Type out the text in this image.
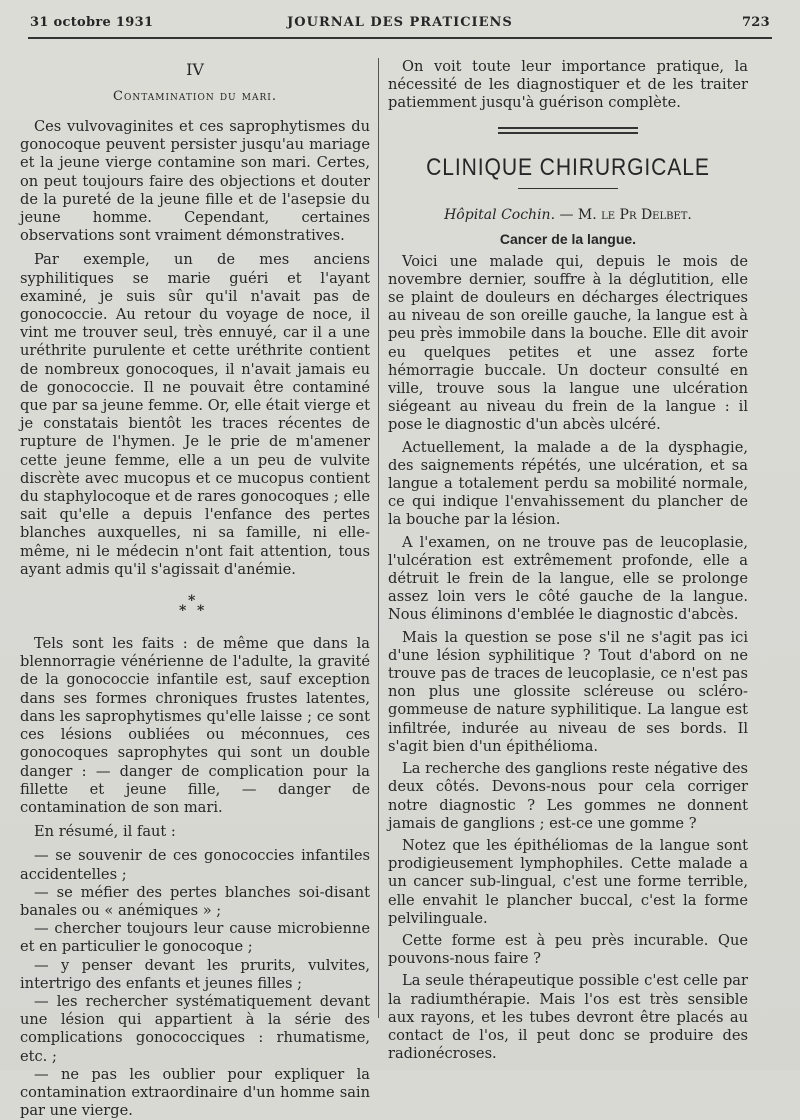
31 octobre 1931	JOURNAL DES PRATICIENS	723
IV
Contamination du mari.

Ces vulvovaginites et ces saprophytismes du gonocoque peuvent persister jusqu'au mariage et la jeune vierge contamine son mari. Certes, on peut toujours faire des objections et douter de la pureté de la jeune fille et de l'asepsie du jeune homme. Cependant, certaines observations sont vraiment démonstratives.

Par exemple, un de mes anciens syphilitiques se marie guéri et l'ayant examiné, je suis sûr qu'il n'avait pas de gonococcie. Au retour du voyage de noce, il vint me trouver seul, très ennuyé, car il a une uréthrite purulente et cette uréthrite contient de nombreux gonocoques, il n'avait jamais eu de gonococcie. Il ne pouvait être contaminé que par sa jeune femme. Or, elle était vierge et je constatais bientôt les traces récentes de rupture de l'hymen. Je le prie de m'amener cette jeune femme, elle a un peu de vulvite discrète avec mucopus et ce mucopus contient du staphylocoque et de rares gonocoques ; elle sait qu'elle a depuis l'enfance des pertes blanches auxquelles, ni sa famille, ni elle-même, ni le médecin n'ont fait attention, tous ayant admis qu'il s'agissait d'anémie.

*
* *

Tels sont les faits : de même que dans la blennorragie vénérienne de l'adulte, la gravité de la gonococcie infantile est, sauf exception dans ses formes chroniques frustes latentes, dans les saprophytismes qu'elle laisse ; ce sont ces lésions oubliées ou méconnues, ces gonocoques saprophytes qui sont un double danger : — danger de complication pour la fillette et jeune fille, — danger de contamination de son mari.

En résumé, il faut :

— se souvenir de ces gonococcies infantiles accidentelles ;

— se méfier des pertes blanches soi-disant banales ou « anémiques » ;

— chercher toujours leur cause microbienne et en particulier le gonocoque ;

— y penser devant les prurits, vulvites, intertrigo des enfants et jeunes filles ;

— les rechercher systématiquement devant une lésion qui appartient à la série des complications gonococciques : rhumatisme, etc. ;

— ne pas les oublier pour expliquer la contamination extraordinaire d'un homme sain par une vierge.

On voit toute leur importance pratique, la nécessité de les diagnostiquer et de les traiter patiemment jusqu'à guérison complète.

CLINIQUE CHIRURGICALE
Hôpital Cochin. — M. le Pr Delbet.
Cancer de la langue.

Voici une malade qui, depuis le mois de novembre dernier, souffre à la déglutition, elle se plaint de douleurs en décharges électriques au niveau de son oreille gauche, la langue est à peu près immobile dans la bouche. Elle dit avoir eu quelques petites et une assez forte hémorragie buccale. Un docteur consulté en ville, trouve sous la langue une ulcération siégeant au niveau du frein de la langue : il pose le diagnostic d'un abcès ulcéré.

Actuellement, la malade a de la dysphagie, des saignements répétés, une ulcération, et sa langue a totalement perdu sa mobilité normale, ce qui indique l'envahissement du plancher de la bouche par la lésion.

A l'examen, on ne trouve pas de leucoplasie, l'ulcération est extrêmement profonde, elle a détruit le frein de la langue, elle se prolonge assez loin vers le côté gauche de la langue. Nous éliminons d'emblée le diagnostic d'abcès.

Mais la question se pose s'il ne s'agit pas ici d'une lésion syphilitique ? Tout d'abord on ne trouve pas de traces de leucoplasie, ce n'est pas non plus une glossite scléreuse ou scléro-gommeuse de nature syphilitique. La langue est infiltrée, indurée au niveau de ses bords. Il s'agit bien d'un épithélioma.

La recherche des ganglions reste négative des deux côtés. Devons-nous pour cela corriger notre diagnostic ? Les gommes ne donnent jamais de ganglions ; est-ce une gomme ?

Notez que les épithéliomas de la langue sont prodigieusement lymphophiles. Cette malade a un cancer sub-lingual, c'est une forme terrible, elle envahit le plancher buccal, c'est la forme pelvilinguale.

Cette forme est à peu près incurable. Que pouvons-nous faire ?

La seule thérapeutique possible c'est celle par la radiumthérapie. Mais l'os est très sensible aux rayons, et les tubes devront être placés au contact de l'os, il peut donc se produire des radionécroses.
